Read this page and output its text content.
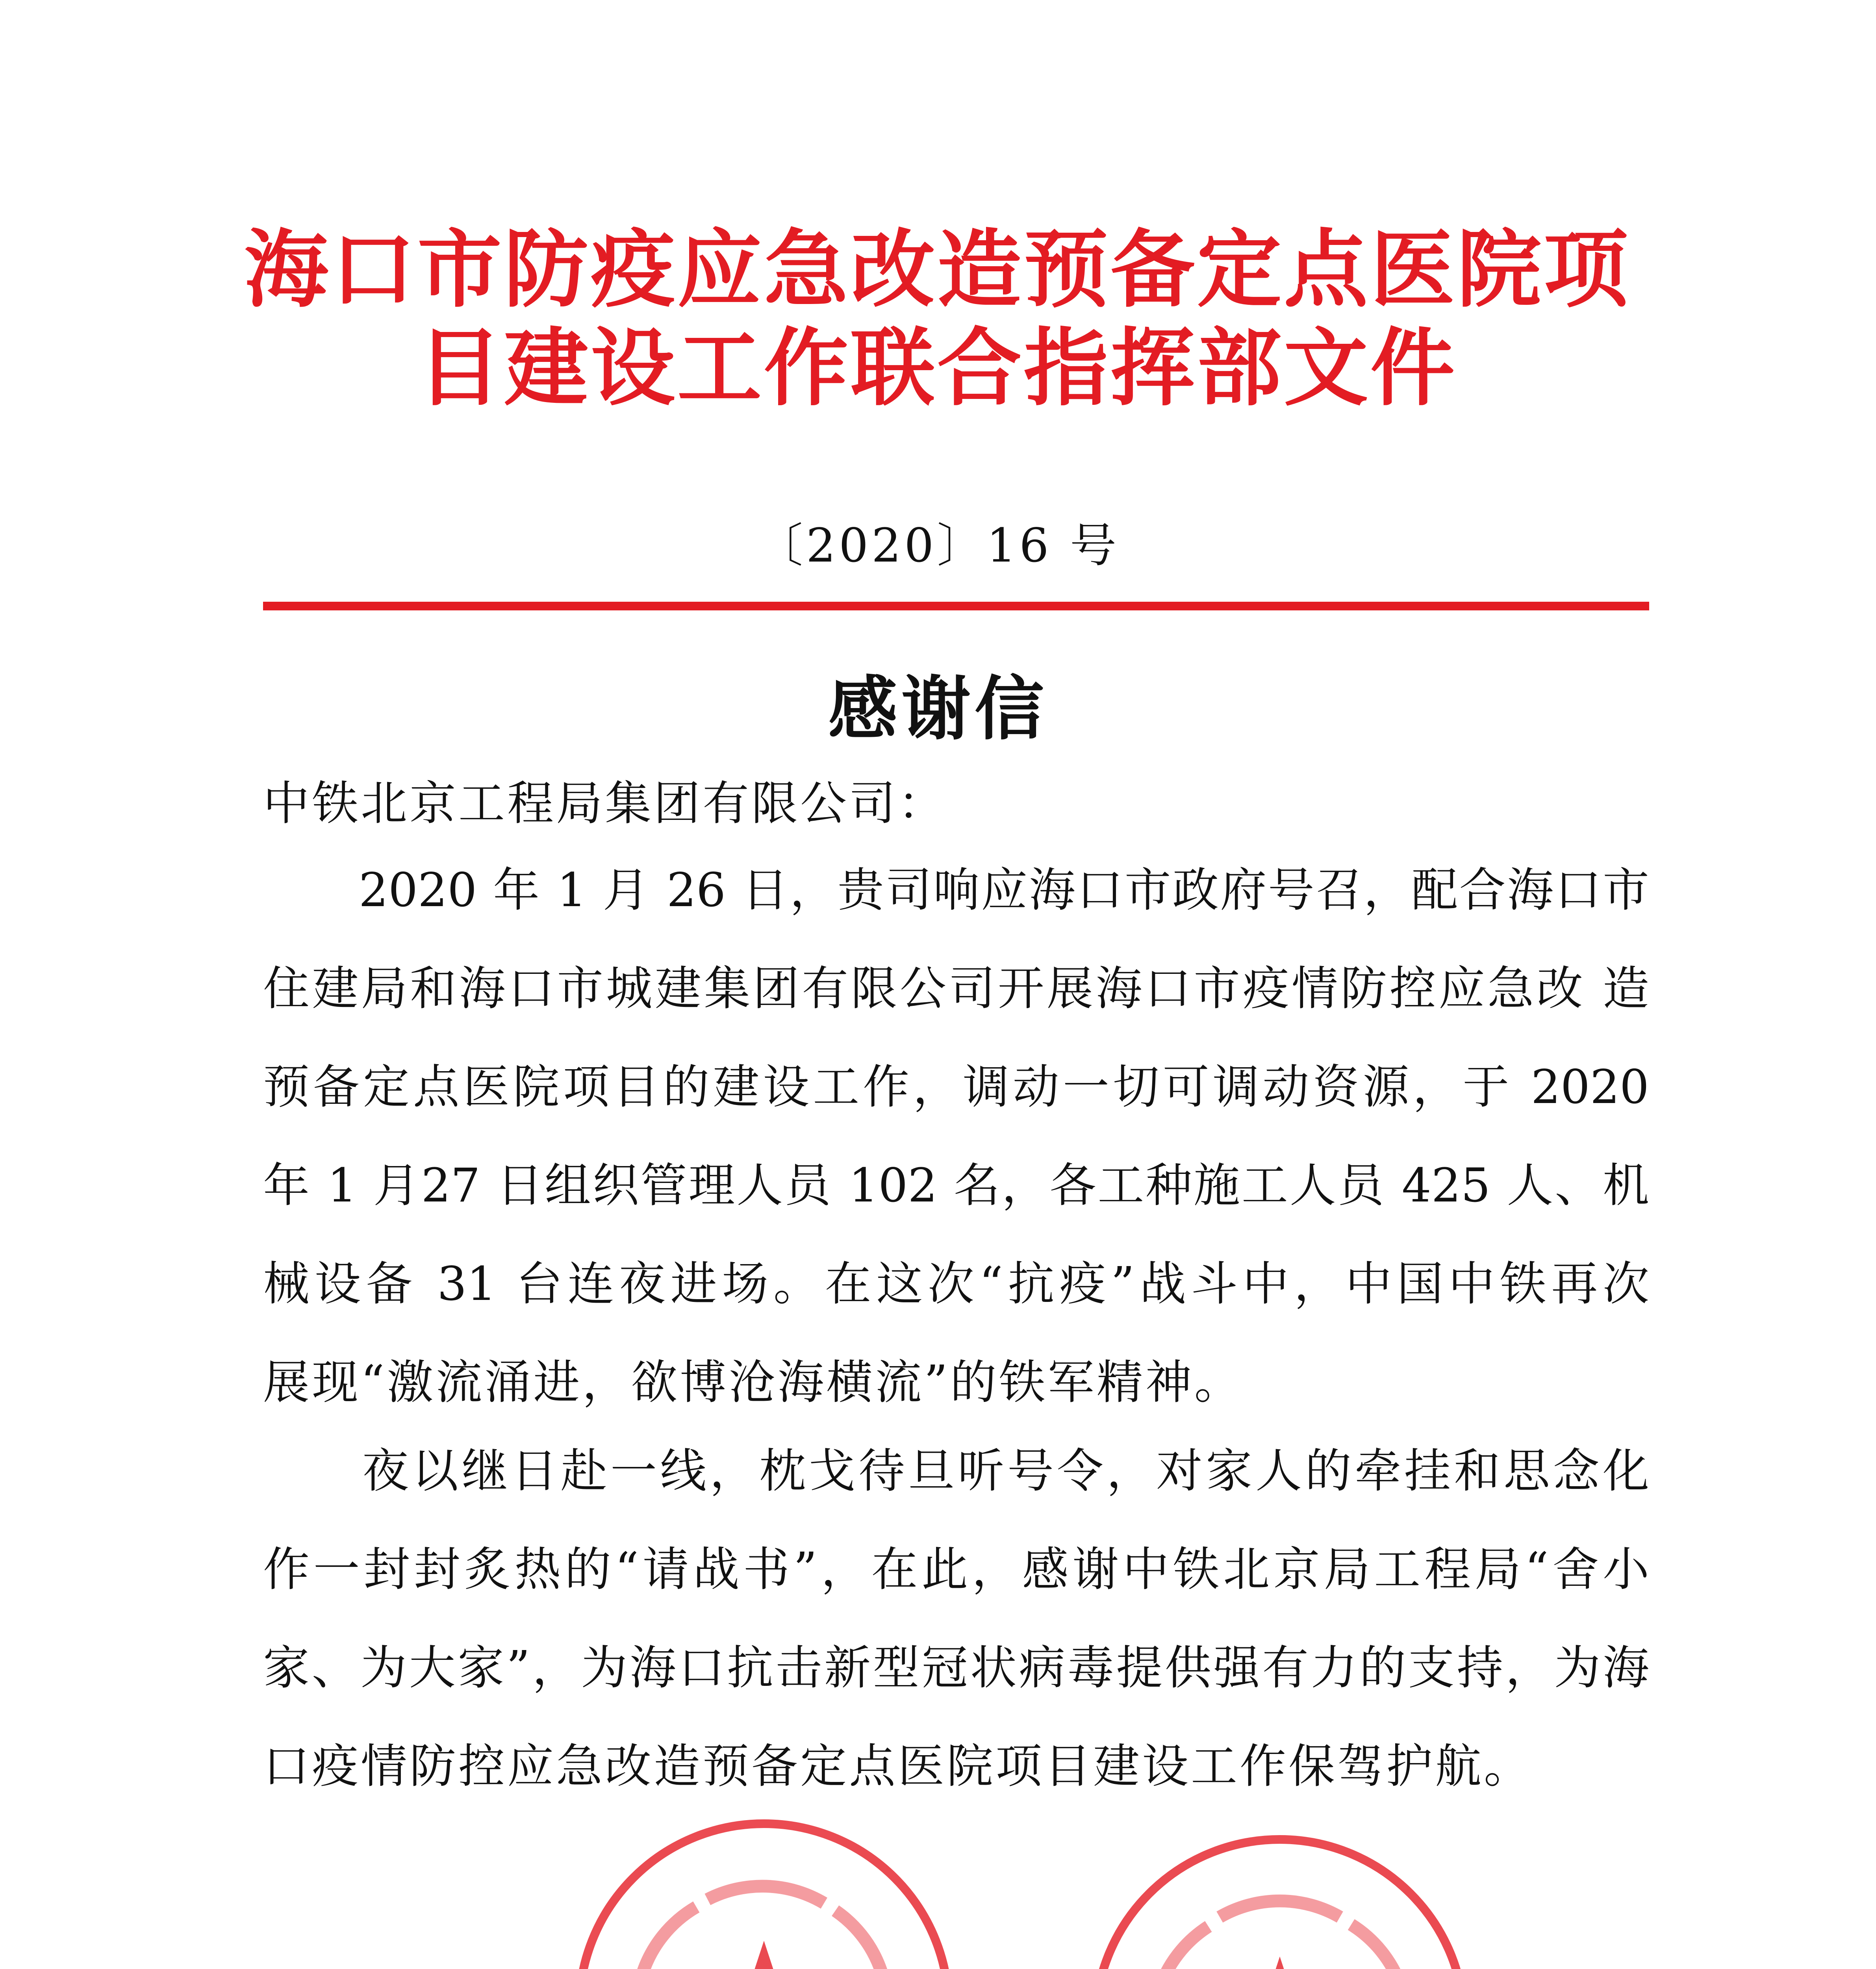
海口市防疫应急改造预备定点医院项
目建设工作联合指挥部文件
〔2020〕16 号
感谢信
中铁北京工程局集团有限公司：
　　2020 年 1 月 26 日，贵司响应海口市政府号召，配合海口市
住建局和海口市城建集团有限公司开展海口市疫情防控应急改 造
预备定点医院项目的建设工作，调动一切可调动资源，于 2020
年 1 月27 日组织管理人员 102 名，各工种施工人员 425 人、机
械设备 31 台连夜进场。在这次“抗疫”战斗中，中国中铁再次
展现“激流涌进，欲博沧海横流”的铁军精神。
　　夜以继日赴一线，枕戈待旦听号令，对家人的牵挂和思念化
作一封封炙热的“请战书”，在此，感谢中铁北京局工程局“舍小
家、为大家”，为海口抗击新型冠状病毒提供强有力的支持，为海
口疫情防控应急改造预备定点医院项目建设工作保驾护航。
